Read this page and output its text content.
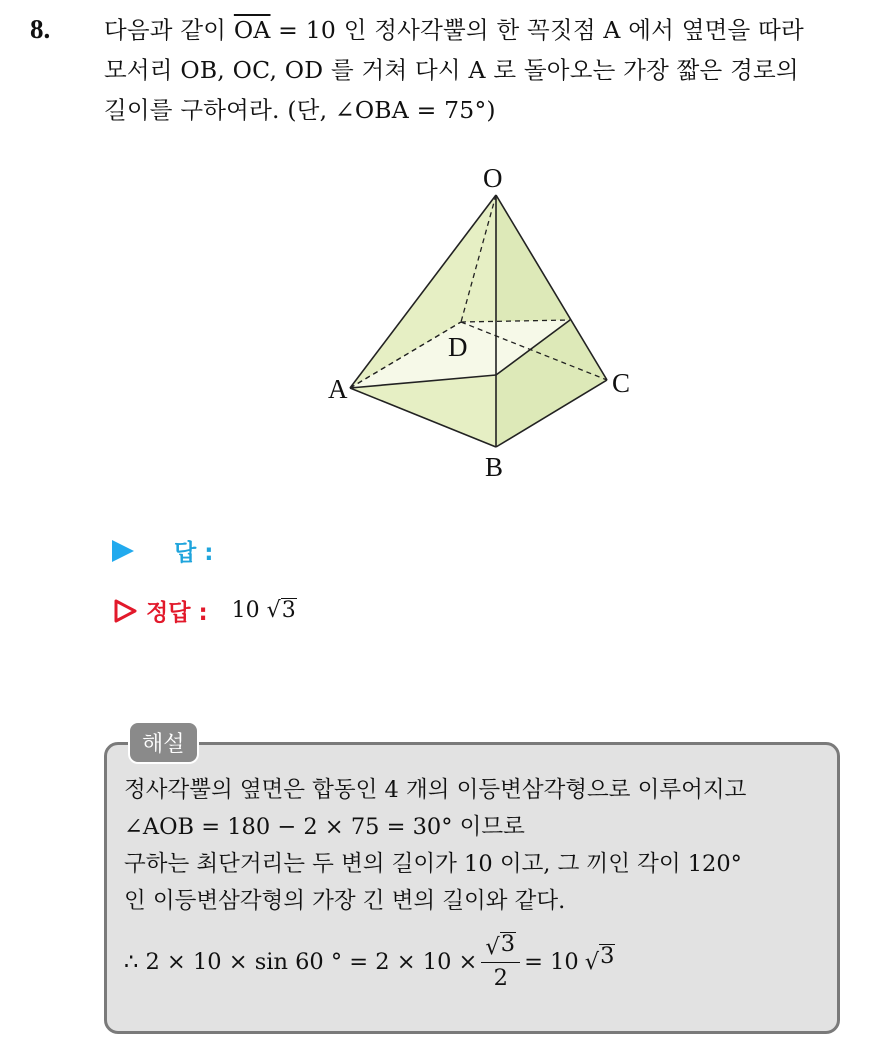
8. 다음과 같이 $\overline{OA} = 10$ 인 정사각뿔의 한 꼭짓점 A 에서 옆면을 따라
모서리 OB, OC, OD 를 거쳐 다시 A 로 돌아오는 가장 짧은 경로의
길이를 구하여라. (단, ∠OBA = 75°)
O
A
B
C
D
답 :
정답 : 10 √ 3
해설
정사각뿔의 옆면은 합동인 4 개의 이등변삼각형으로 이루어지고
∠AOB = 180 − 2 × 75 = 30° 이므로
구하는 최단거리는 두 변의 길이가 10 이고, 그 끼인 각이 120°
인 이등변삼각형의 가장 긴 변의 길이와 같다.
∴ 2 × 10 × sin 60 ° = $2 \times 10 \times \frac{√ 3}{2} = 10$ √ 3
